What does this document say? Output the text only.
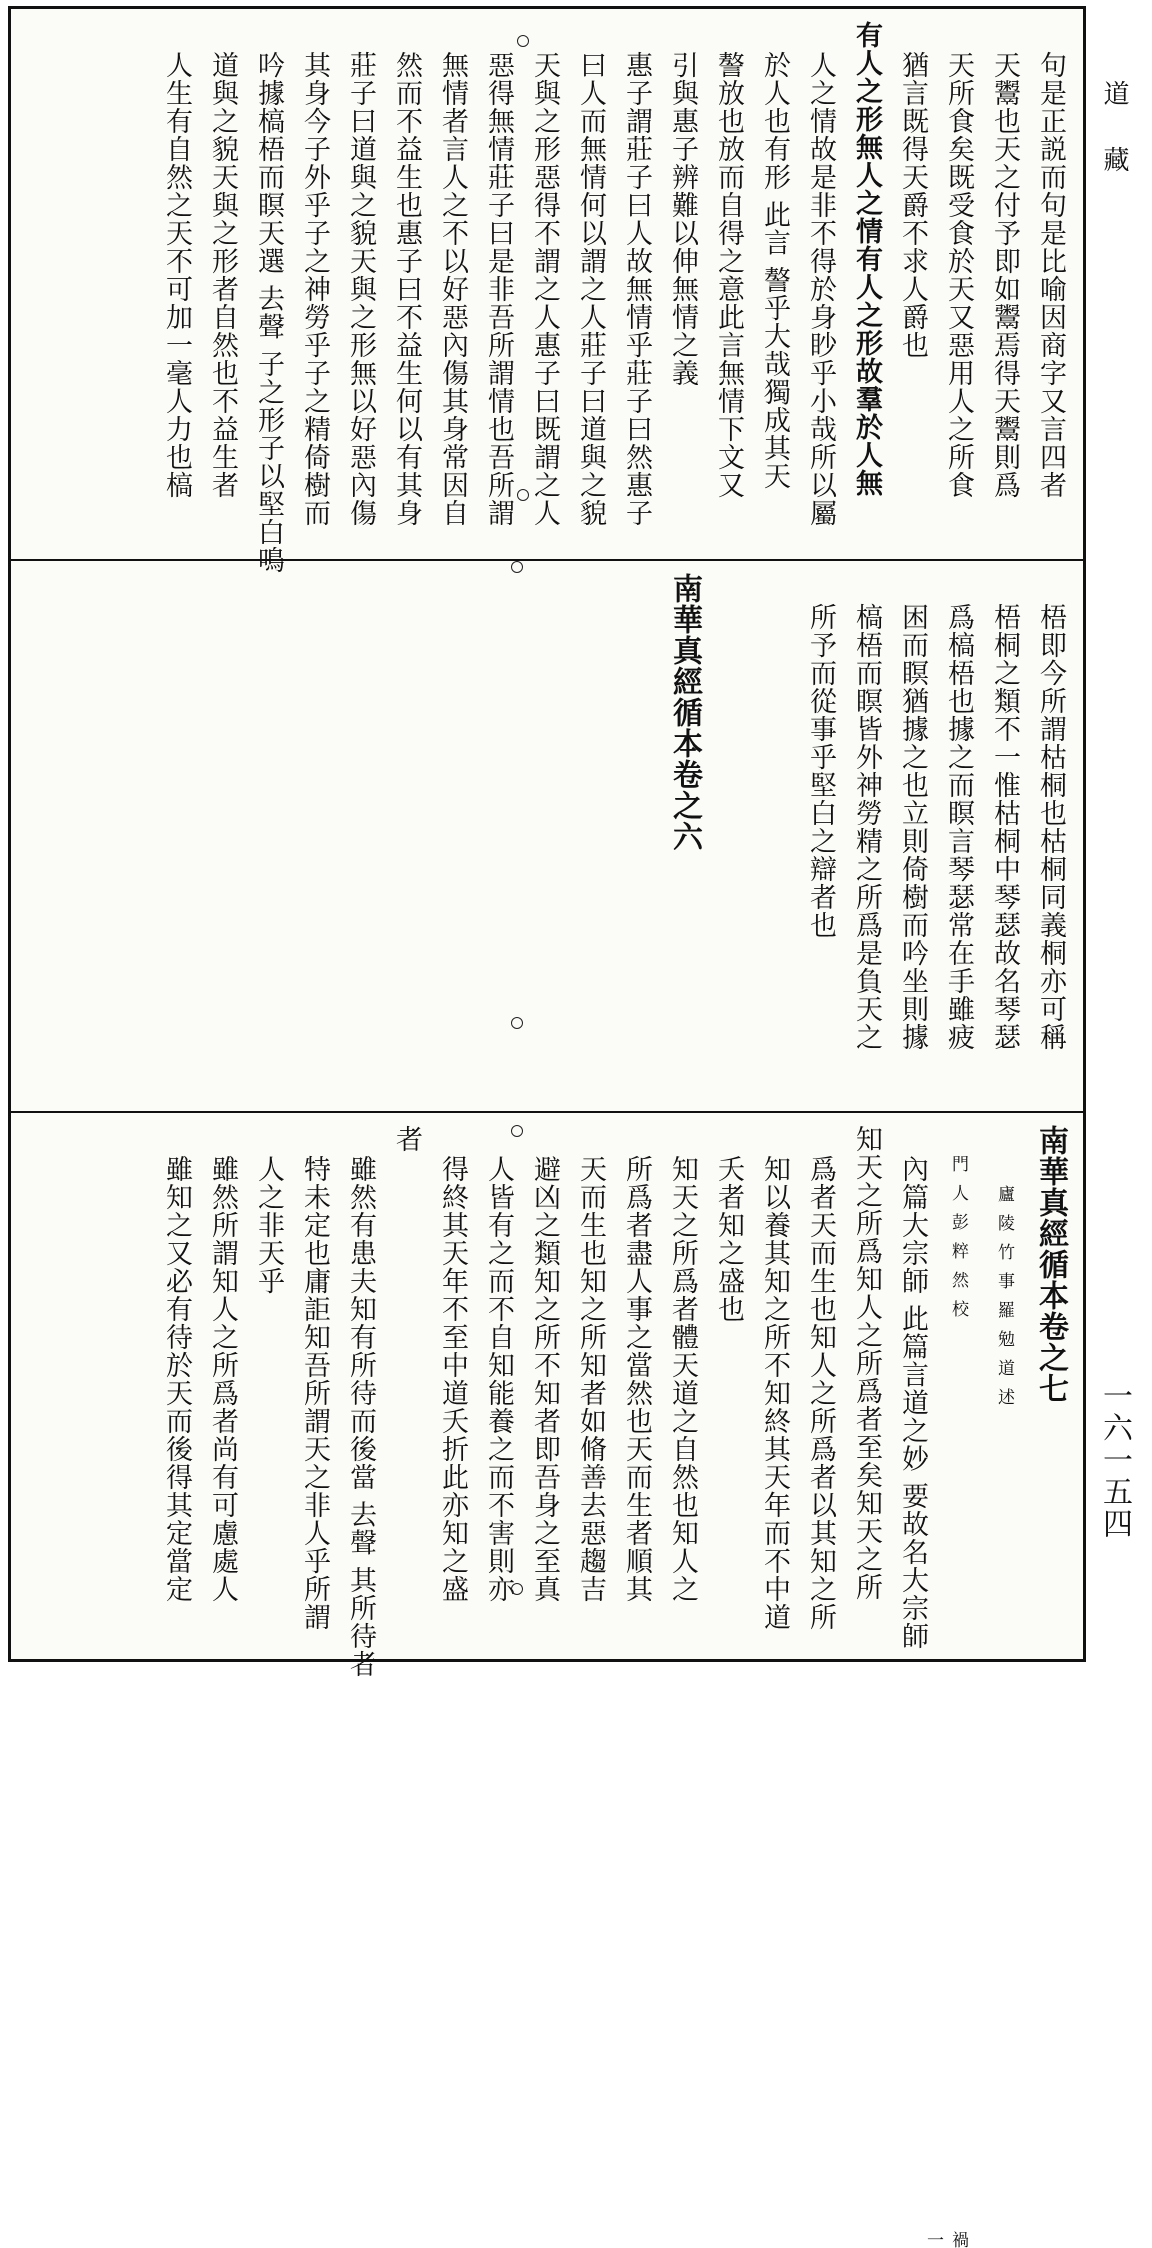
道藏
一六一五四
句是正説而句是比喻因商字又言四者
天鬻也天之付予即如鬻焉得天鬻則爲
天所食矣既受食於天又惡用人之所食
猶言既得天爵不求人爵也
有人之形無人之情有人之形故羣於人無
人之情故是非不得於身眇乎小哉所以屬
於人也有形 此言 謷乎大哉獨成其天
謷放也放而自得之意此言無情下文又
引與惠子辨難以伸無情之義
惠子謂莊子曰人故無情乎莊子曰然惠子
曰人而無情何以謂之人莊子曰道與之貌
天與之形惡得不謂之人惠子曰既謂之人
惡得無情莊子曰是非吾所謂情也吾所謂
無情者言人之不以好惡內傷其身常因自
然而不益生也惠子曰不益生何以有其身
莊子曰道與之貌天與之形無以好惡內傷
其身今子外乎子之神勞乎子之精倚樹而
吟據槁梧而瞑天選 去聲 子之形子以堅白鳴
道與之貌天與之形者自然也不益生者
人生有自然之天不可加一毫人力也槁
梧即今所謂枯桐也枯桐同義桐亦可稱
梧桐之類不一惟枯桐中琴瑟故名琴瑟
爲槁梧也據之而瞑言琴瑟常在手雖疲
困而瞑猶據之也立則倚樹而吟坐則據
槁梧而瞑皆外神勞精之所爲是負天之
所予而從事乎堅白之辯者也
南華真經循本卷之六
禍一
南華真經循本卷之七
廬陵竹事羅勉道述
門人彭粹然校
內篇大宗師 此篇言道之妙 要故名大宗師
知天之所爲知人之所爲者至矣知天之所
爲者天而生也知人之所爲者以其知之所
知以養其知之所不知終其天年而不中道
夭者知之盛也
知天之所爲者體天道之自然也知人之
所爲者盡人事之當然也天而生者順其
天而生也知之所知者如脩善去惡趨吉
避凶之類知之所不知者即吾身之至真
人皆有之而不自知能養之而不害則亦
得終其天年不至中道夭折此亦知之盛
者
雖然有患夫知有所待而後當 去聲 其所待者
特未定也庸詎知吾所謂天之非人乎所謂
人之非天乎
雖然所謂知人之所爲者尚有可慮處人
雖知之又必有待於天而後得其定當定
